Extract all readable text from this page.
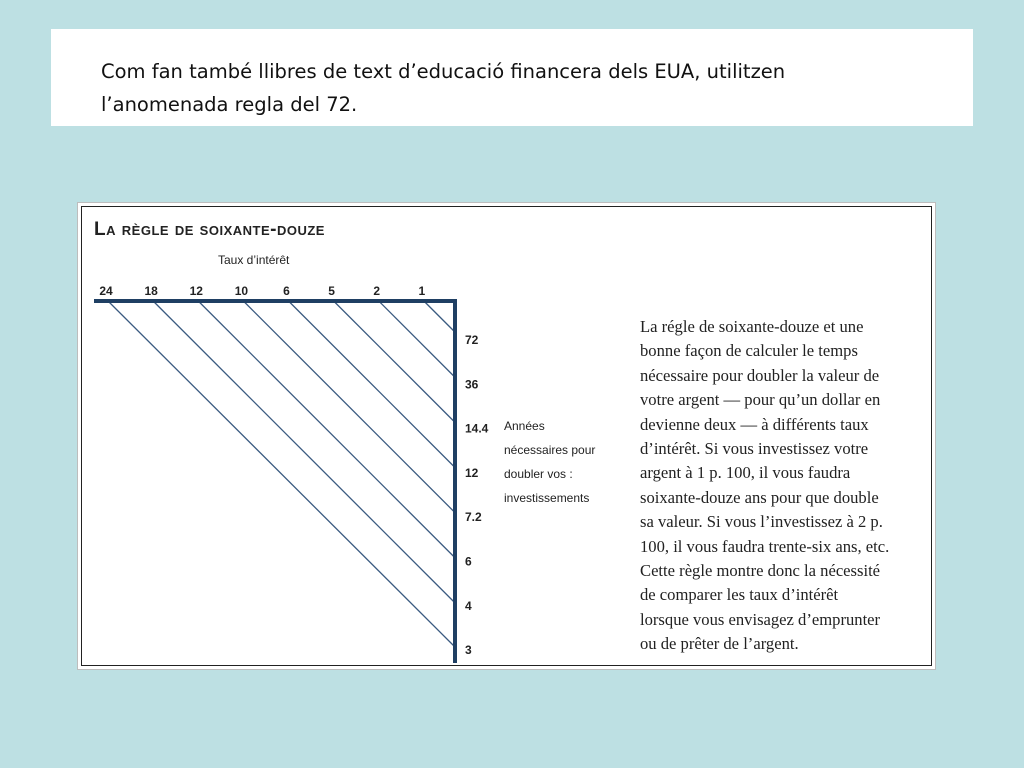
Com fan també llibres de text d’educació financera dels EUA, utilitzen
l’anomenada regla del 72.

La règle de soixante-douze
Taux d’intérêt
24	18	12	10	6	5	2	1
72
36
14.4
12
7.2
6
4
3
Années nécessaires pour doubler vos : investissements

La régle de soixante-douze et une
bonne façon de calculer le temps
nécessaire pour doubler la valeur de
votre argent — pour qu’un dollar en
devienne deux — à différents taux
d’intérêt. Si vous investissez votre
argent à 1 p. 100, il vous faudra
soixante-douze ans pour que double
sa valeur. Si vous l’investissez à 2 p.
100, il vous faudra trente-six ans, etc.
Cette règle montre donc la nécessité
de comparer les taux d’intérêt
lorsque vous envisagez d’emprunter
ou de prêter de l’argent.
